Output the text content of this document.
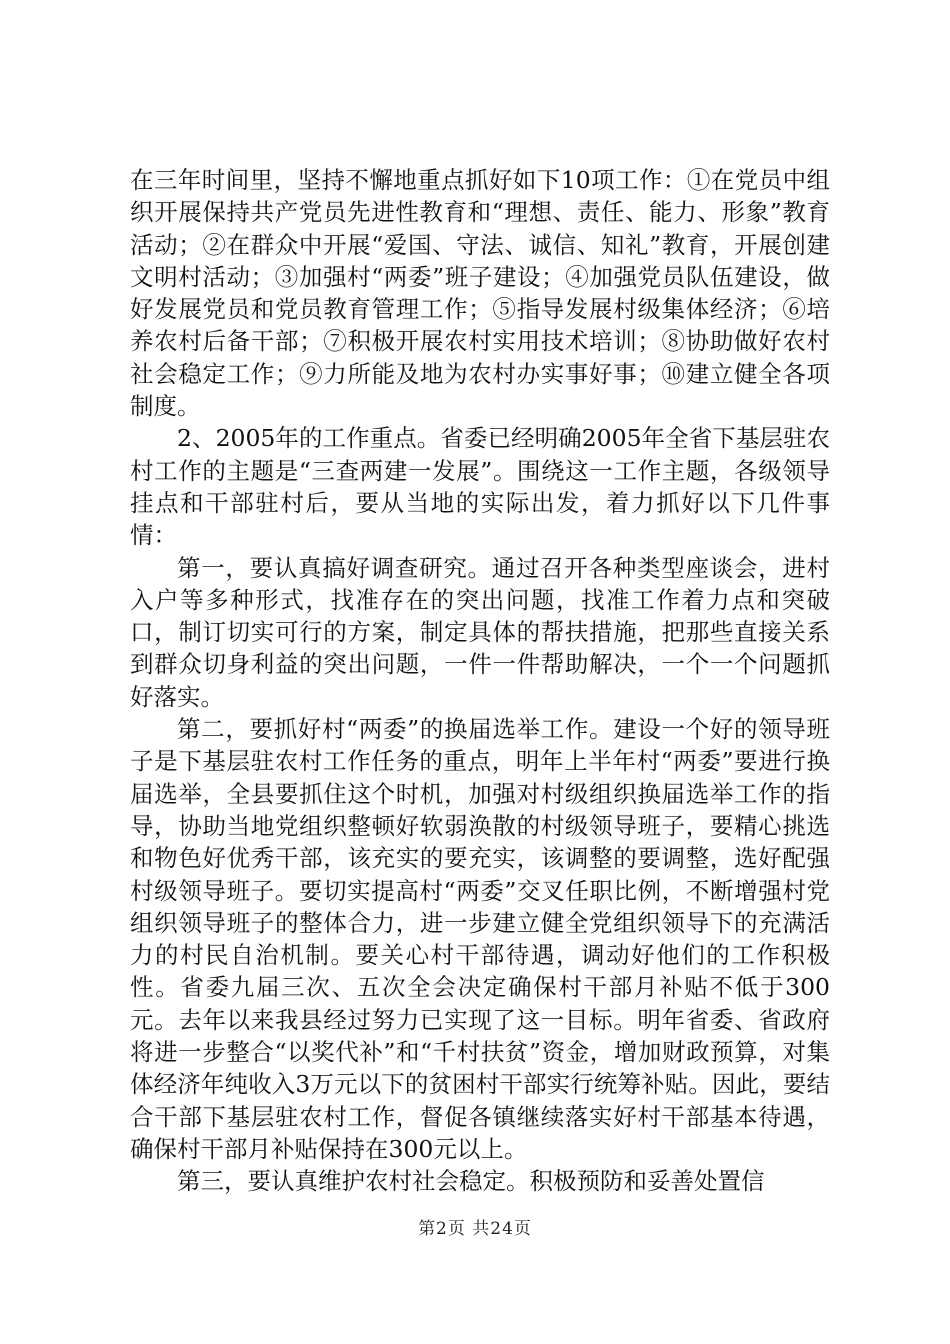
在三年时间里，坚持不懈地重点抓好如下10项工作：①在党员中组织开展保持共产党员先进性教育和“理想、责任、能力、形象”教育活动；②在群众中开展“爱国、守法、诚信、知礼”教育，开展创建文明村活动；③加强村“两委”班子建设；④加强党员队伍建设，做好发展党员和党员教育管理工作；⑤指导发展村级集体经济；⑥培养农村后备干部；⑦积极开展农村实用技术培训；⑧协助做好农村社会稳定工作；⑨力所能及地为农村办实事好事；⑩建立健全各项制度。

2、2005年的工作重点。省委已经明确2005年全省下基层驻农村工作的主题是“三查两建一发展”。围绕这一工作主题，各级领导挂点和干部驻村后，要从当地的实际出发，着力抓好以下几件事情：

第一，要认真搞好调查研究。通过召开各种类型座谈会，进村入户等多种形式，找准存在的突出问题，找准工作着力点和突破口，制订切实可行的方案，制定具体的帮扶措施，把那些直接关系到群众切身利益的突出问题，一件一件帮助解决，一个一个问题抓好落实。

第二，要抓好村“两委”的换届选举工作。建设一个好的领导班子是下基层驻农村工作任务的重点，明年上半年村“两委”要进行换届选举，全县要抓住这个时机，加强对村级组织换届选举工作的指导，协助当地党组织整顿好软弱涣散的村级领导班子，要精心挑选和物色好优秀干部，该充实的要充实，该调整的要调整，选好配强村级领导班子。要切实提高村“两委”交叉任职比例，不断增强村党组织领导班子的整体合力，进一步建立健全党组织领导下的充满活力的村民自治机制。要关心村干部待遇，调动好他们的工作积极性。省委九届三次、五次全会决定确保村干部月补贴不低于300元。去年以来我县经过努力已实现了这一目标。明年省委、省政府将进一步整合“以奖代补”和“千村扶贫”资金，增加财政预算，对集体经济年纯收入3万元以下的贫困村干部实行统筹补贴。因此，要结合干部下基层驻农村工作，督促各镇继续落实好村干部基本待遇，确保村干部月补贴保持在300元以上。

第三，要认真维护农村社会稳定。积极预防和妥善处置信

第2页 共24页
